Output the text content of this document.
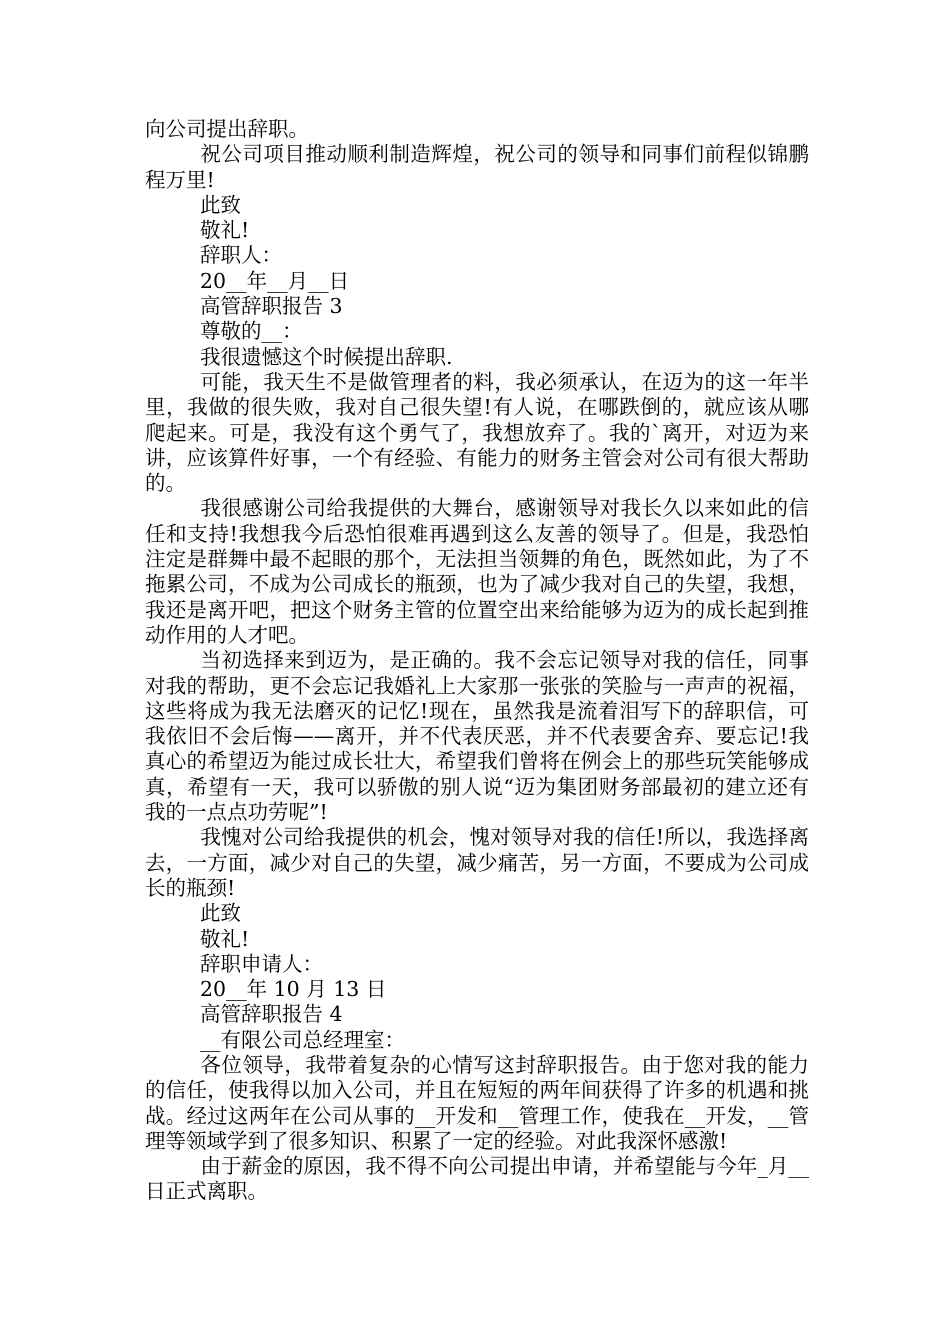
向公司提出辞职。

祝公司项目推动顺利制造辉煌，祝公司的领导和同事们前程似锦鹏程万里!

此致

敬礼!

辞职人：

20__年__月__日

高管辞职报告 3

尊敬的__：

我很遗憾这个时候提出辞职.

可能，我天生不是做管理者的料，我必须承认，在迈为的这一年半里，我做的很失败，我对自己很失望!有人说，在哪跌倒的，就应该从哪爬起来。可是，我没有这个勇气了，我想放弃了。我的`离开，对迈为来讲，应该算件好事，一个有经验、有能力的财务主管会对公司有很大帮助的。

我很感谢公司给我提供的大舞台，感谢领导对我长久以来如此的信任和支持!我想我今后恐怕很难再遇到这么友善的领导了。但是，我恐怕注定是群舞中最不起眼的那个，无法担当领舞的角色，既然如此，为了不拖累公司，不成为公司成长的瓶颈，也为了减少我对自己的失望，我想，我还是离开吧，把这个财务主管的位置空出来给能够为迈为的成长起到推动作用的人才吧。

当初选择来到迈为，是正确的。我不会忘记领导对我的信任，同事对我的帮助，更不会忘记我婚礼上大家那一张张的笑脸与一声声的祝福，这些将成为我无法磨灭的记忆!现在，虽然我是流着泪写下的辞职信，可我依旧不会后悔——离开，并不代表厌恶，并不代表要舍弃、要忘记!我真心的希望迈为能过成长壮大，希望我们曾将在例会上的那些玩笑能够成真，希望有一天，我可以骄傲的别人说“迈为集团财务部最初的建立还有我的一点点功劳呢”!

我愧对公司给我提供的机会，愧对领导对我的信任!所以，我选择离去，一方面，减少对自己的失望，减少痛苦，另一方面，不要成为公司成长的瓶颈!

此致

敬礼!

辞职申请人：

20__年 10 月 13 日

高管辞职报告 4

__有限公司总经理室：

各位领导，我带着复杂的心情写这封辞职报告。由于您对我的能力的信任，使我得以加入公司，并且在短短的两年间获得了许多的机遇和挑战。经过这两年在公司从事的__开发和__管理工作，使我在__开发，__管理等领域学到了很多知识、积累了一定的经验。对此我深怀感激!

由于薪金的原因，我不得不向公司提出申请，并希望能与今年_月__日正式离职。
